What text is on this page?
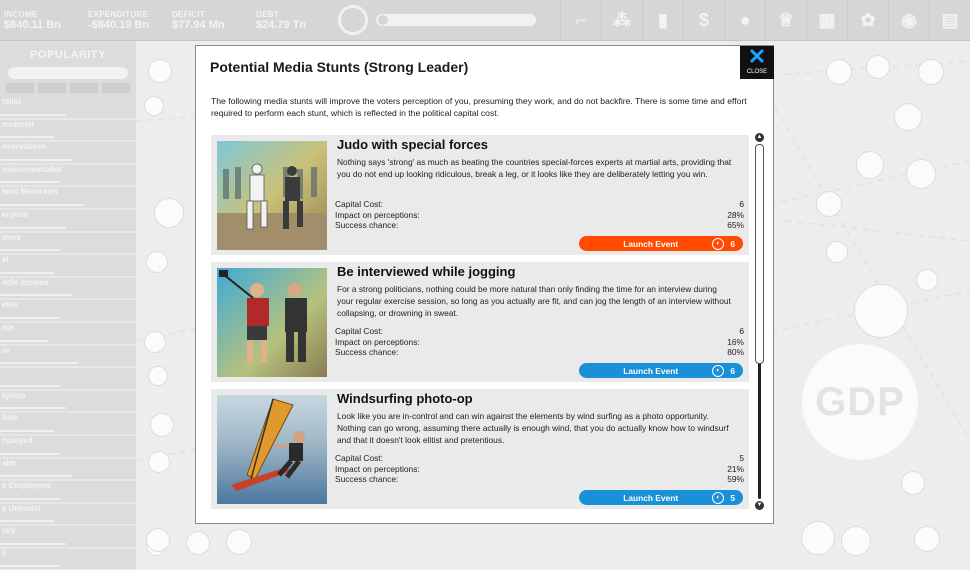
INCOME
$840.11 Bn
EXPENDITURE
-$840.19 Bn
DEFICIT
$77.94 Mn
DEBT
$24.79 Tn	⌐	⁂	▮	$	●	♕	▦	✿	◉	▤
POPULARITY
talist
motorist
nservatives
nvironmentalist
hnic Minorities
eryone
mers
al
ddle Income
ents
nts
or
igious
lists
nployed
alth
e Employees
e Unionist
ally
h
GDP
Potential Media Stunts (Strong Leader)	✕
CLOSE
The following media stunts will improve the voters perception of you, presuming they work, and do not backfire. There is some time and effort required to perform each stunt, which is reflected in the political capital cost.
Judo with special forces
Nothing says 'strong' as much as beating the countries special-forces experts at martial arts, providing that you do not end up looking ridiculous, break a leg, or it looks like they are deliberately letting you win.
Capital Cost:	6
Impact on perceptions:	28%
Success chance:	65%
Launch Event	◐	6
Be interviewed while jogging
For a strong politicians, nothing could be more natural than only finding the time for an interview during your regular exercise session, so long as you actually are fit, and can jog the length of an interview without collapsing, or drowning in sweat.
Capital Cost:	6
Impact on perceptions:	16%
Success chance:	80%
Launch Event	◐	6
Windsurfing photo-op
Look like you are in-control and can win against the elements by wind surfing as a photo opportunity. Nothing can go wrong, assuming there actually is enough wind, that you do actually know how to windsurf and that it doesn't look elitist and pretentious.
Capital Cost:	5
Impact on perceptions:	21%
Success chance:	59%
Launch Event	◐	5
▲
▼
